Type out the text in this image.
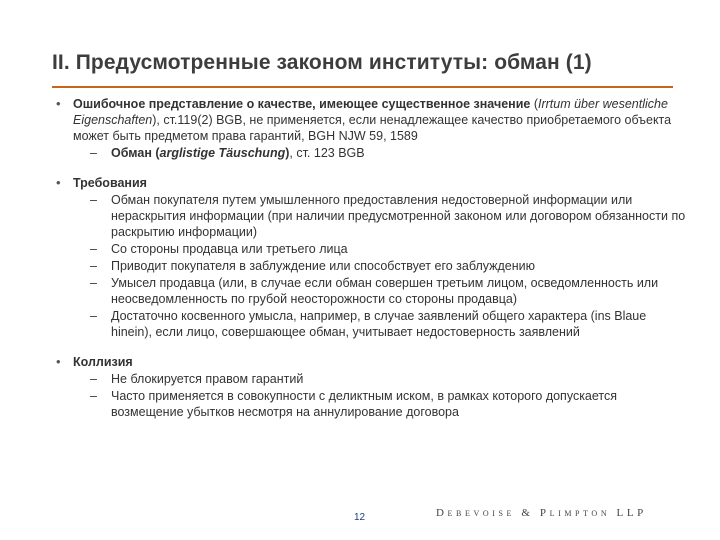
II. Предусмотренные законом институты: обман (1)
• Ошибочное представление о качестве, имеющее существенное значение (Irrtum über wesentliche Eigenschaften), ст.119(2) BGB, не применяется, если ненадлежащее качество приобретаемого объекта может быть предметом права гарантий, BGH NJW 59, 1589
– Обман (arglistige Täuschung), ст. 123 BGB
• Требования
– Обман покупателя путем умышленного предоставления недостоверной информации или нераскрытия информации (при наличии предусмотренной законом или договором обязанности по раскрытию информации)
– Со стороны продавца или третьего лица
– Приводит покупателя в заблуждение или способствует его заблуждению
– Умысел продавца (или, в случае если обман совершен третьим лицом, осведомленность или неосведомленность по грубой неосторожности со стороны продавца)
– Достаточно косвенного умысла, например, в случае заявлений общего характера (ins Blaue hinein), если лицо, совершающее обман, учитывает недостоверность заявлений
• Коллизия
– Не блокируется правом гарантий
– Часто применяется в совокупности с деликтным иском, в рамках которого допускается возмещение убытков несмотря на аннулирование договора
12	Debevoise & Plimpton LLP
